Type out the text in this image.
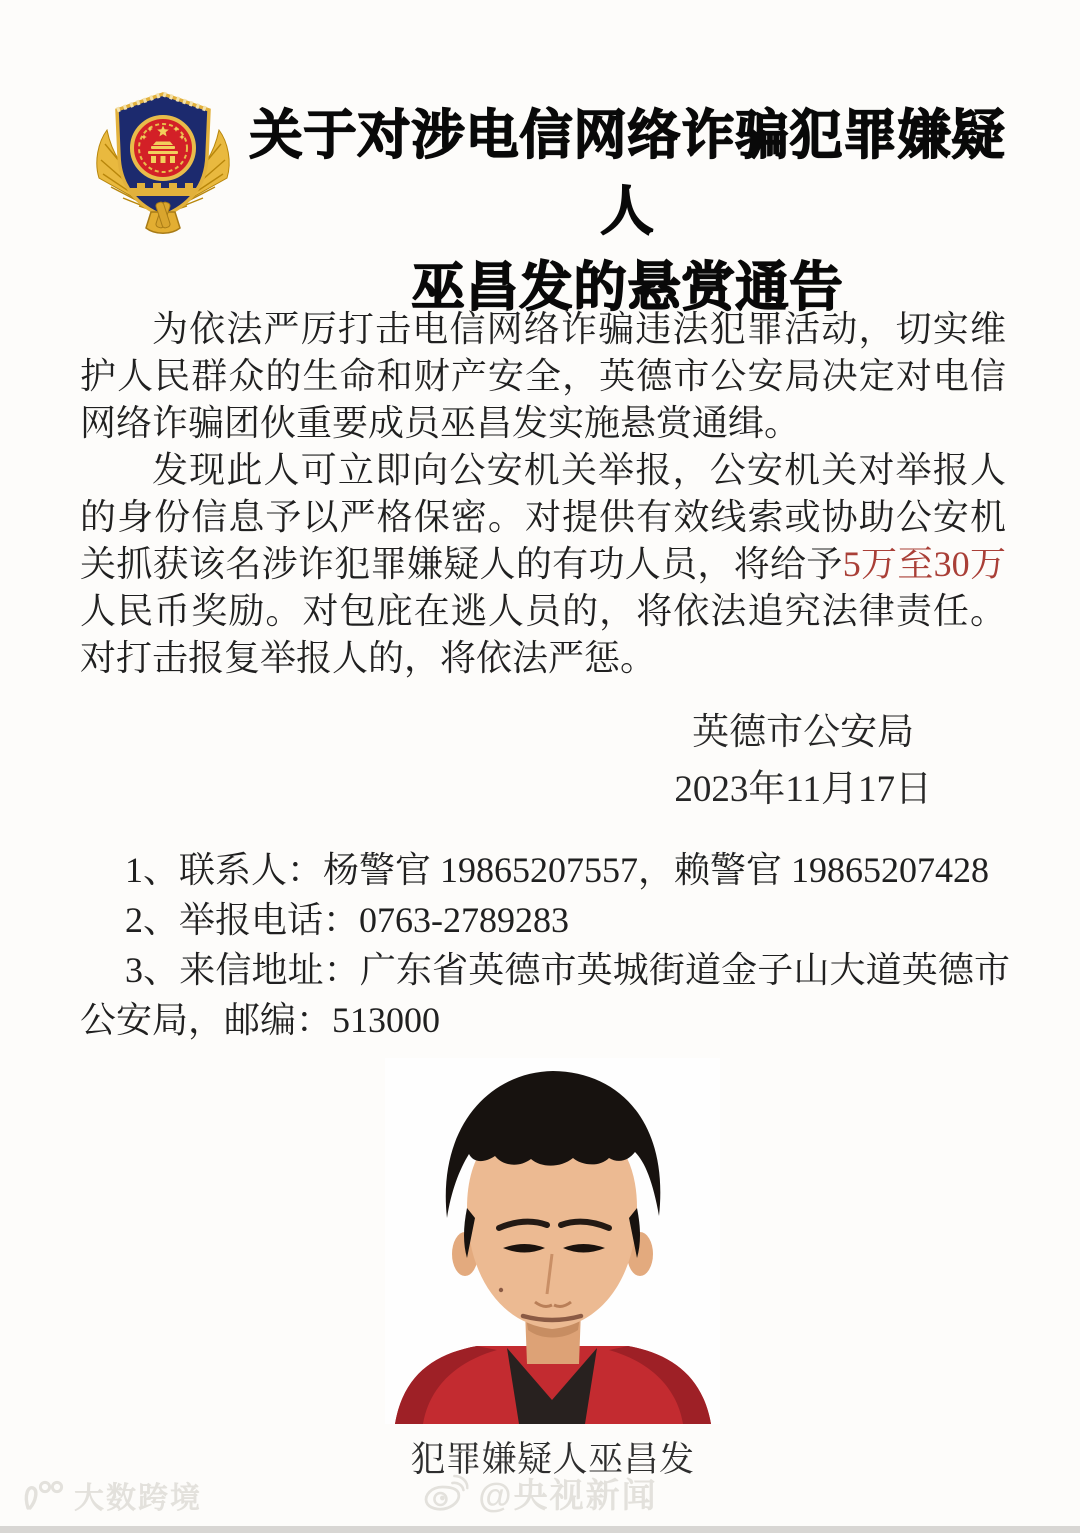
关于对涉电信网络诈骗犯罪嫌疑人
巫昌发的悬赏通告

为依法严厉打击电信网络诈骗违法犯罪活动，切实维护人民群众的生命和财产安全，英德市公安局决定对电信网络诈骗团伙重要成员巫昌发实施悬赏通缉。

发现此人可立即向公安机关举报，公安机关对举报人的身份信息予以严格保密。对提供有效线索或协助公安机关抓获该名涉诈犯罪嫌疑人的有功人员，将给予5万至30万人民币奖励。对包庇在逃人员的，将依法追究法律责任。对打击报复举报人的，将依法严惩。

英德市公安局
2023年11月17日
1、联系人：杨警官 19865207557，赖警官 19865207428
2、举报电话：0763-2789283
3、来信地址：广东省英德市英城街道金子山大道英德市公安局，邮编：513000
犯罪嫌疑人巫昌发
大数跨境	@央视新闻
